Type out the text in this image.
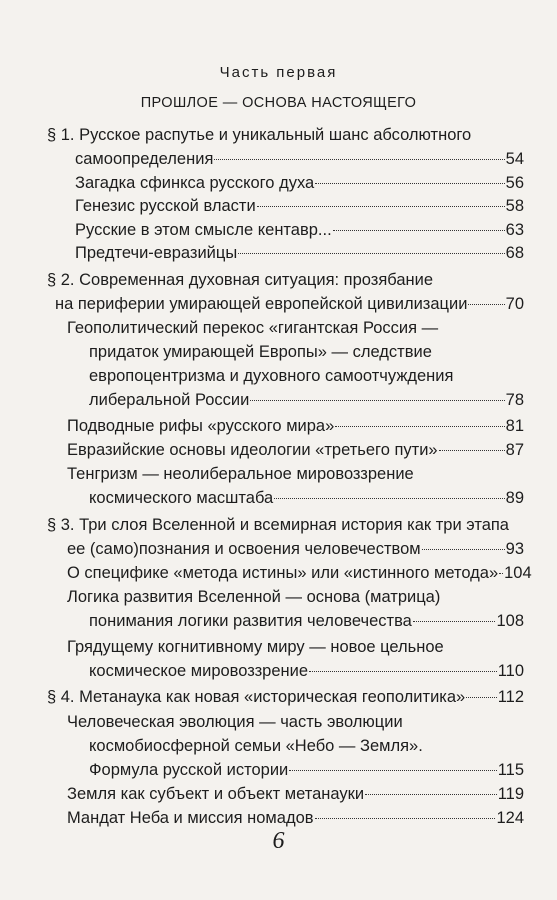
Часть первая
ПРОШЛОЕ — ОСНОВА НАСТОЯЩЕГО
§ 1. Русское распутье и уникальный шанс абсолютного
самоопределения	54
Загадка сфинкса русского духа	56
Генезис русской власти	58
Русские в этом смысле кентавр...	63
Предтечи-евразийцы	68
§ 2. Современная духовная ситуация: прозябание
на периферии умирающей европейской цивилизации 70
Геополитический перекос «гигантская Россия —
придаток умирающей Европы» — следствие
европоцентризма и духовного самоотчуждения
либеральной России	78
Подводные рифы «русского мира»	81
Евразийские основы идеологии «третьего пути»	87
Тенгризм — неолиберальное мировоззрение
космического масштаба	89
§ 3. Три слоя Вселенной и всемирная история как три этапа
ее (само)познания и освоения человечеством	93
О специфике «метода истины» или «истинного метода» 104
Логика развития Вселенной — основа (матрица)
понимания логики развития человечества	108
Грядущему когнитивному миру — новое цельное
космическое мировоззрение	110
§ 4. Метанаука как новая «историческая геополитика» 112
Человеческая эволюция — часть эволюции
космобиосферной семьи «Небо — Земля».
Формула русской истории	115
Земля как субъект и объект метанауки	119
Мандат Неба и миссия номадов	124
6
